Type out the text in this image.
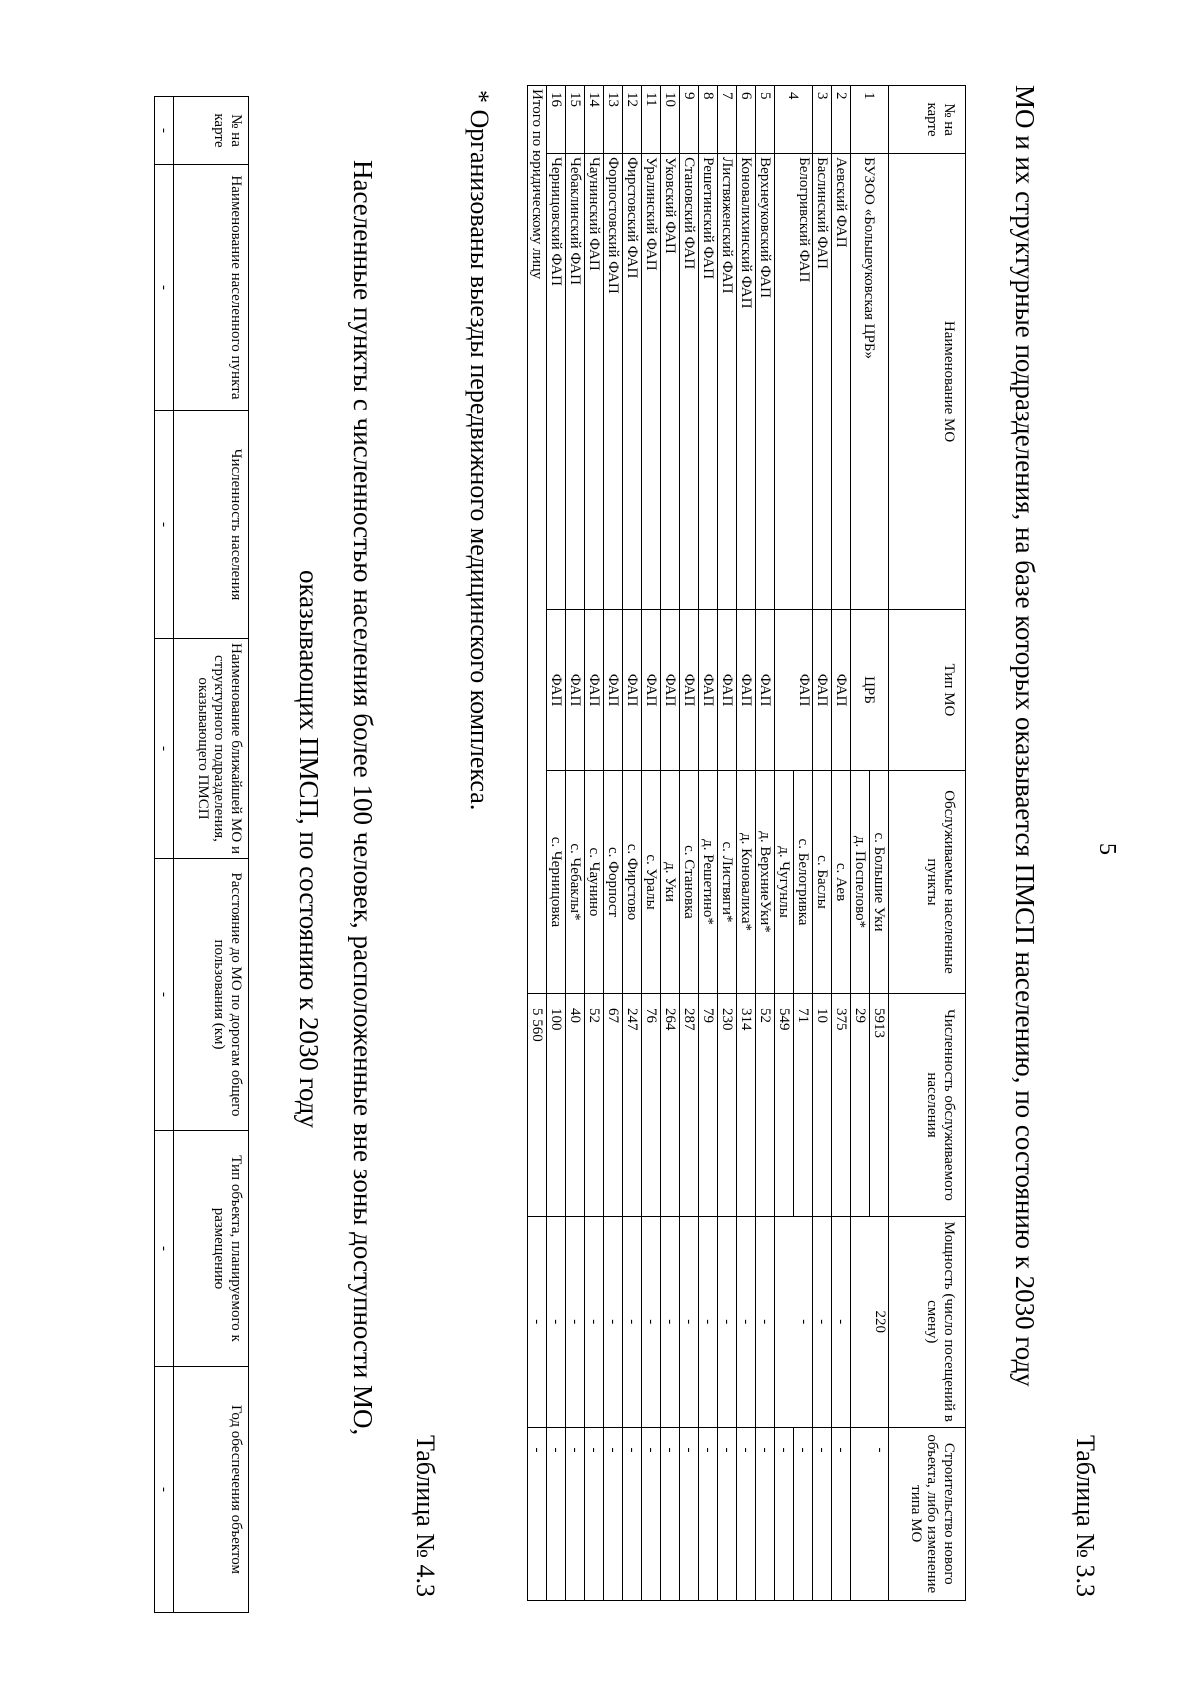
5
Таблица № 3.3
МО и их структурные подразделения, на базе которых оказывается ПМСП населению, по состоянию к 2030 году
№ на карте	Наименование МО	Тип МО	Обслуживаемые населенные пункты	Численность обслуживаемого населения	Мощность (число посещений в смену)	Строительство нового объекта, либо изменение типа МО
1	БУЗОО «Большеуковская ЦРБ»	ЦРБ	с. Большие Уки	5913	220	-
			д. Поспелово*	29		
2	Аевский ФАП	ФАП	с. Аев	375	-	-
3	Баслинский ФАП	ФАП	с. Баслы	10	-	-
4	Белогривский ФАП	ФАП	с. Белогривка	71	-	-
			д. Чугунлы	549		-
5	Верхнеуковский ФАП	ФАП	д. ВерхниеУки*	52	-	-
6	Коновалихинский ФАП	ФАП	д. Коновалиха*	314	-	-
7	Листвяженский ФАП	ФАП	с. Листвяги*	230	-	-
8	Решетинский ФАП	ФАП	д. Решетино*	79	-	-
9	Становский ФАП	ФАП	с. Становка	287	-	-
10	Уковский ФАП	ФАП	д. Уки	264	-	-
11	Уралинский ФАП	ФАП	с. Уралы	76	-	-
12	Фирстовский ФАП	ФАП	с. Фирстово	247	-	-
13	Форпостовский ФАП	ФАП	с. Форпост	67	-	-
14	Чаунинский ФАП	ФАП	с. Чаунино	52	-	-
15	Чебаклинский ФАП	ФАП	с. Чебаклы*	40	-	-
16	Черницовский ФАП	ФАП	с. Черницовка	100	-	-
Итого по юридическому лицу				5 560	-	-
* Организованы выезды передвижного медицинского комплекса.
Таблица № 4.3
Населенные пункты с численностью населения более 100 человек, расположенные вне зоны доступности МО,
оказывающих ПМСП, по состоянию к 2030 году
№ на карте	Наименование населенного пункта	Численность населения	Наименование ближайшей МО и структурного подразделения, оказывающего ПМСП	Расстояние до МО по дорогам общего пользования (км)	Тип объекта, планируемого к размещению	Год обеспечения объектом
-	-	-	-	-	-	-
